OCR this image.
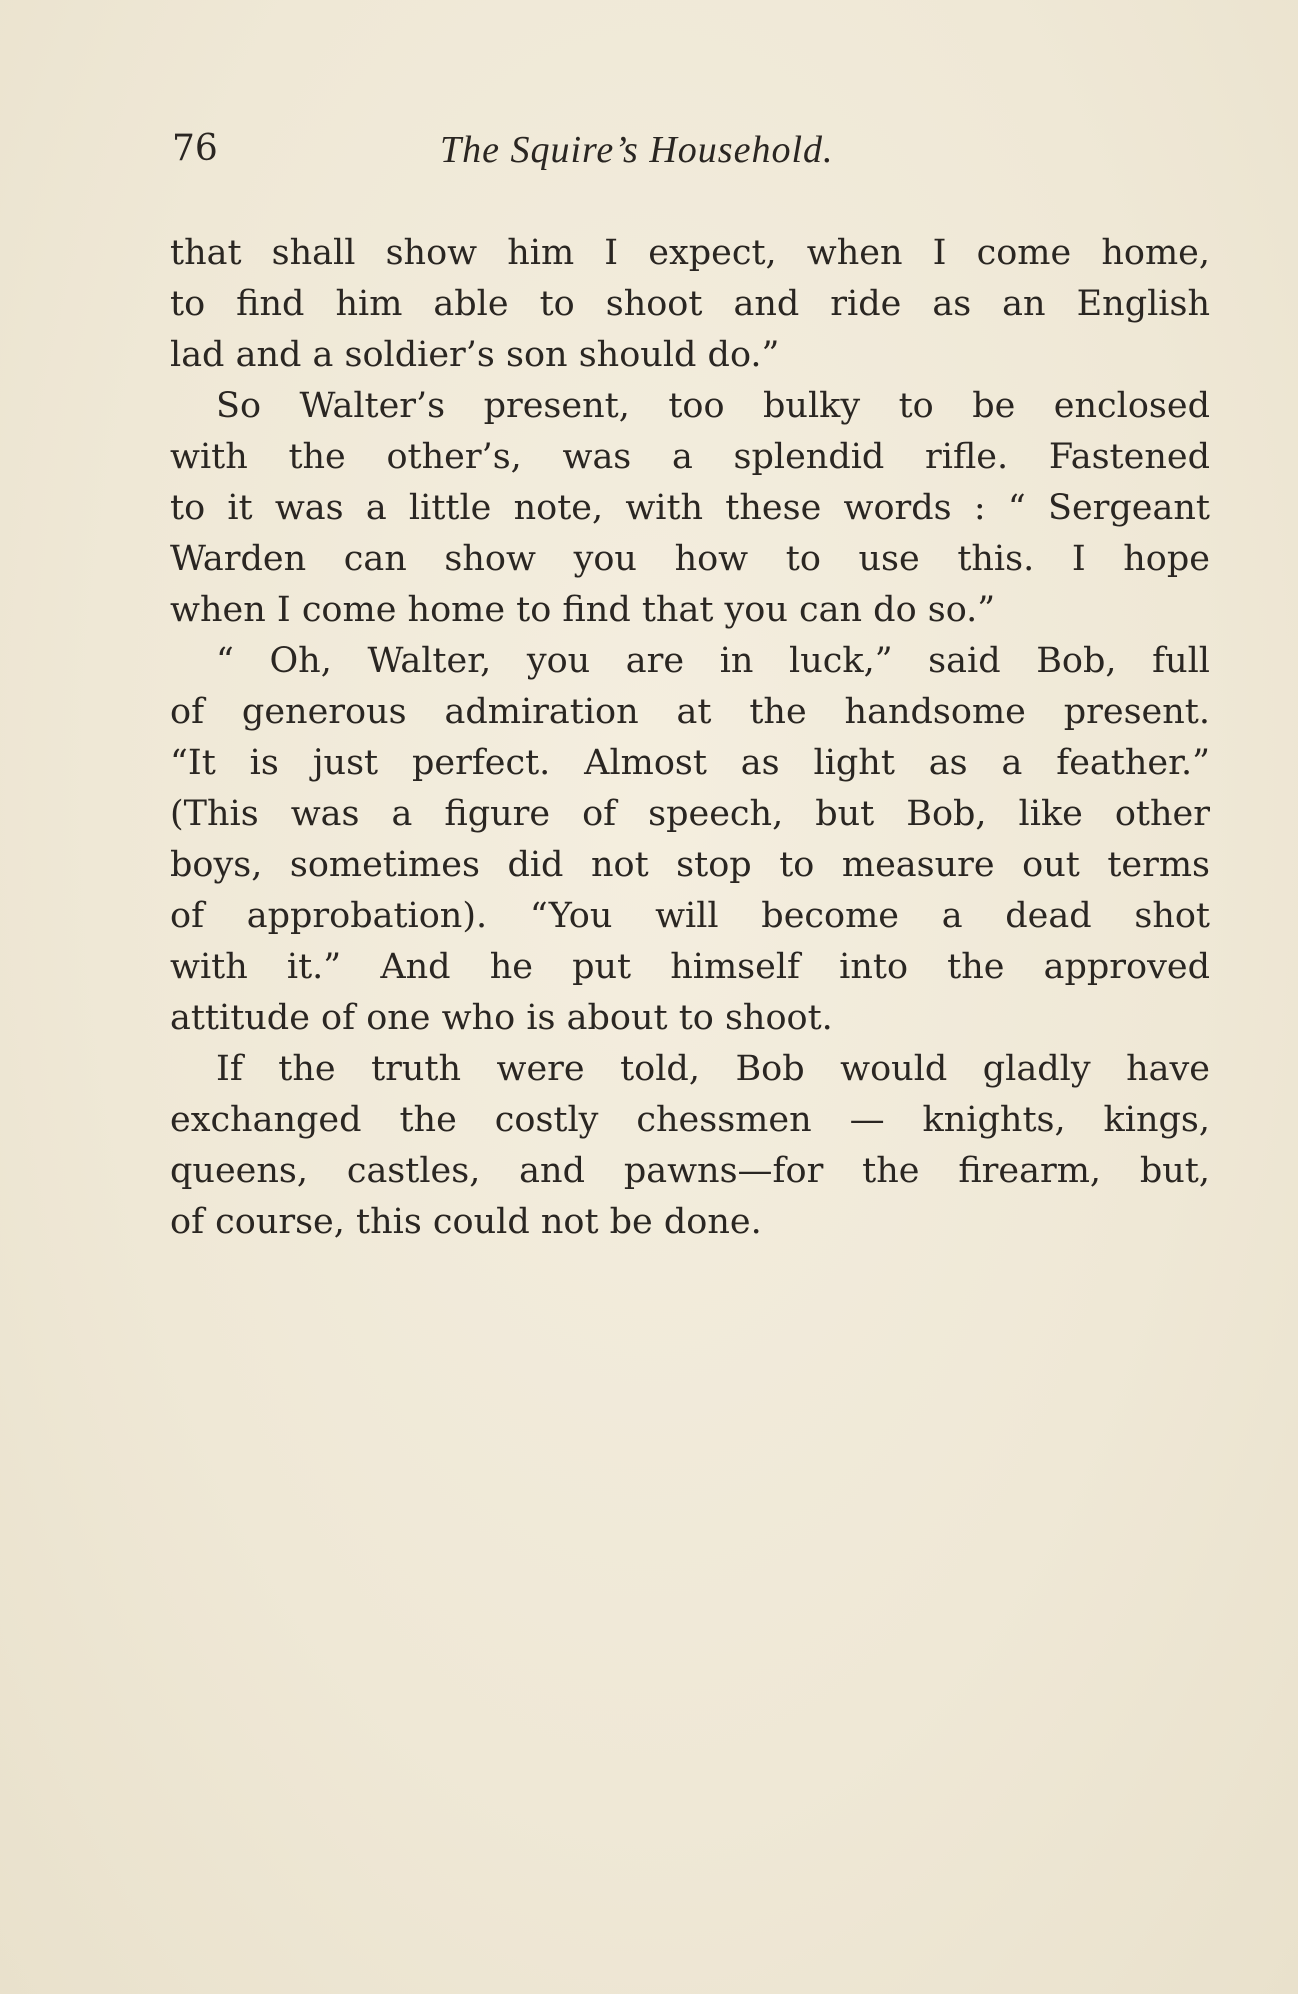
76	The Squire’s Household.
that shall show him I expect, when I come home,
to find him able to shoot and ride as an English
lad and a soldier’s son should do.”
So Walter’s present, too bulky to be enclosed
with the other’s, was a splendid rifle. Fastened
to it was a little note, with these words : “ Sergeant
Warden can show you how to use this. I hope
when I come home to find that you can do so.”
“ Oh, Walter, you are in luck,” said Bob, full
of generous admiration at the handsome present.
“It is just perfect. Almost as light as a feather.”
(This was a figure of speech, but Bob, like other
boys, sometimes did not stop to measure out terms
of approbation). “You will become a dead shot
with it.” And he put himself into the approved
attitude of one who is about to shoot.
If the truth were told, Bob would gladly have
exchanged the costly chessmen — knights, kings,
queens, castles, and pawns—for the firearm, but,
of course, this could not be done.
